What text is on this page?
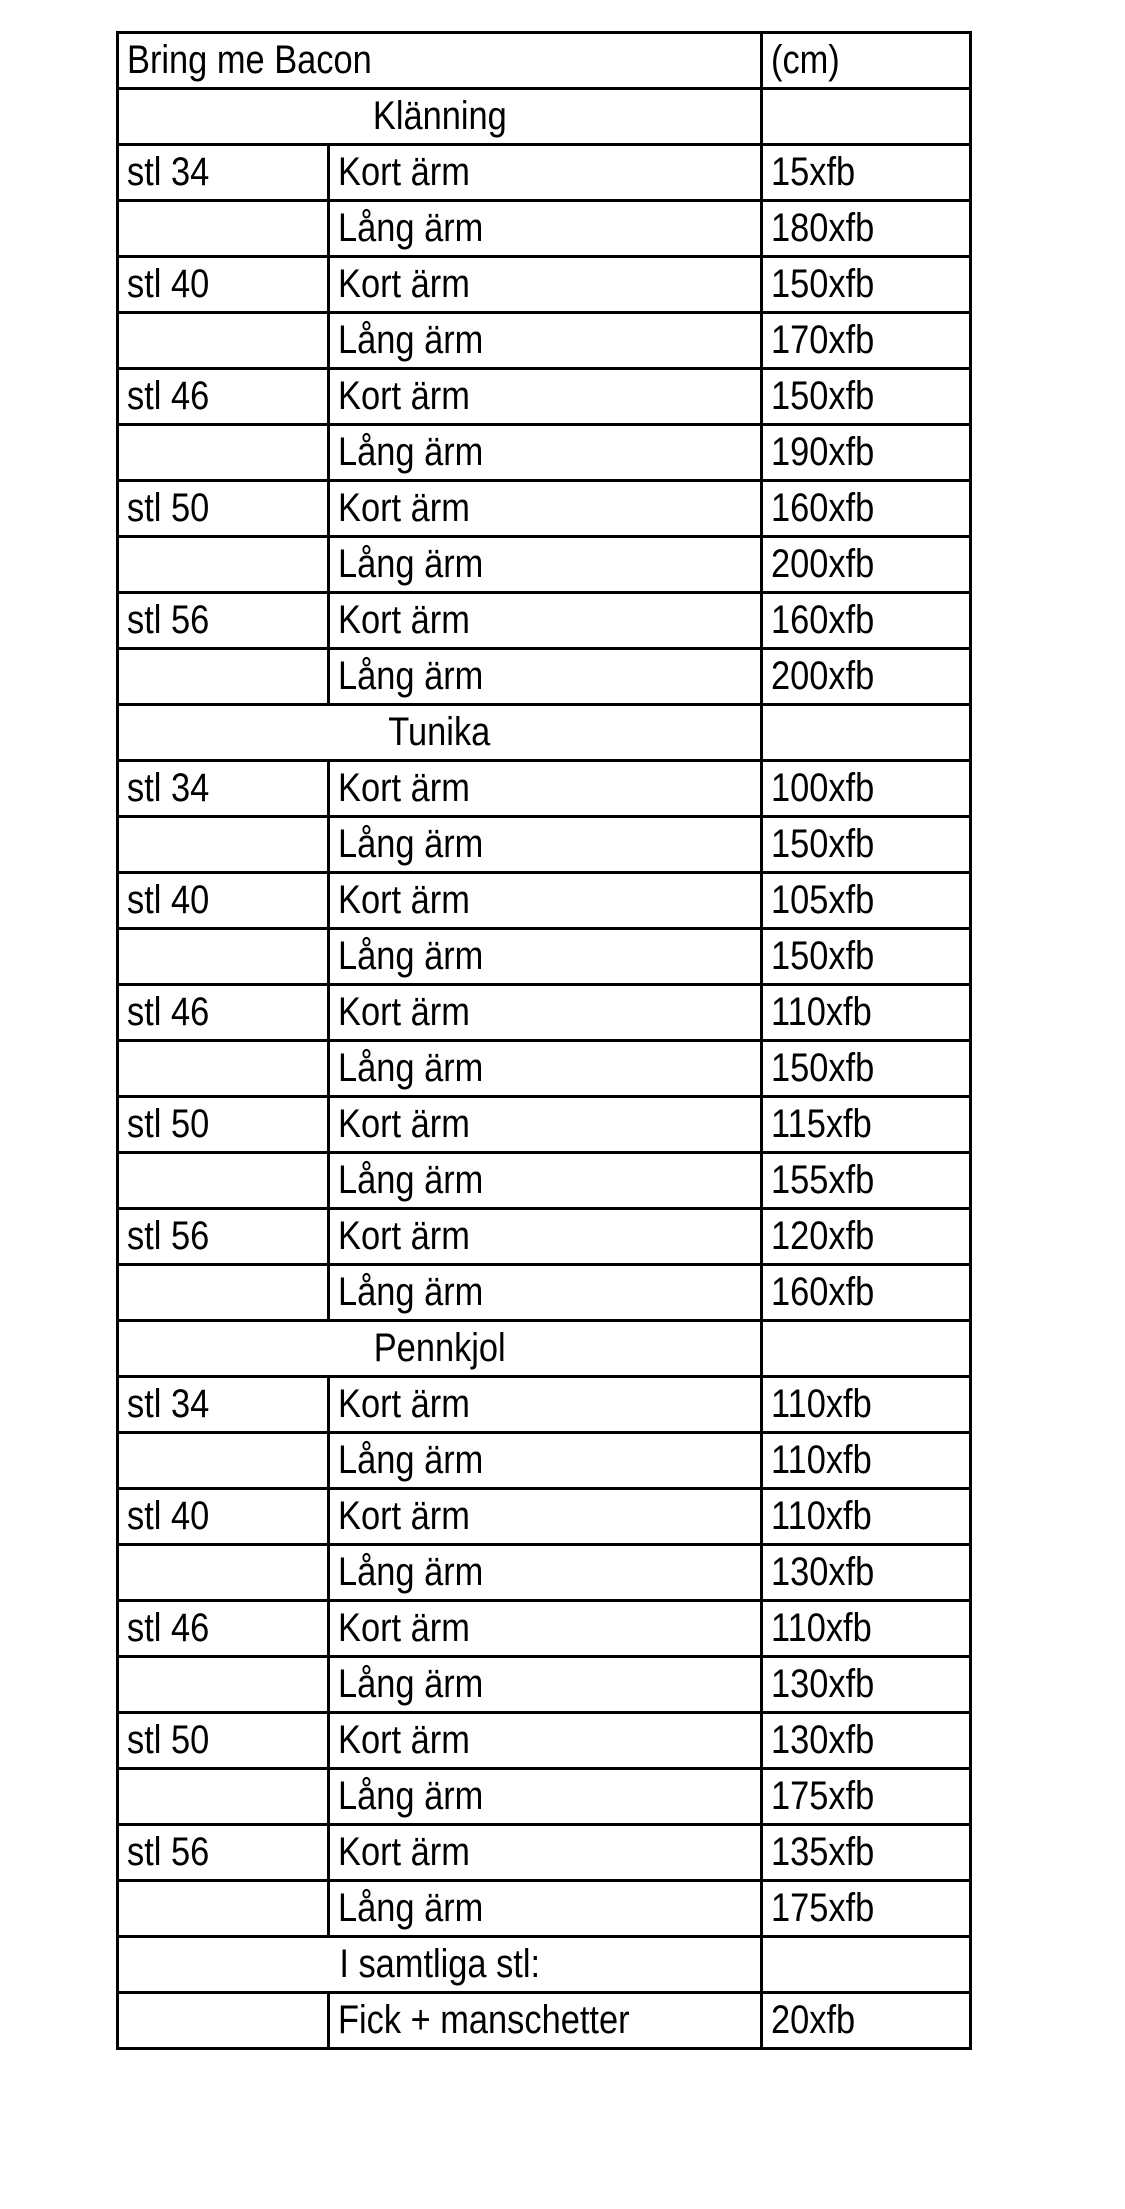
Bring me Bacon		(cm)
Klänning		
stl 34	Kort ärm	15xfb
	Lång ärm	180xfb
stl 40	Kort ärm	150xfb
	Lång ärm	170xfb
stl 46	Kort ärm	150xfb
	Lång ärm	190xfb
stl 50	Kort ärm	160xfb
	Lång ärm	200xfb
stl 56	Kort ärm	160xfb
	Lång ärm	200xfb
Tunika		
stl 34	Kort ärm	100xfb
	Lång ärm	150xfb
stl 40	Kort ärm	105xfb
	Lång ärm	150xfb
stl 46	Kort ärm	110xfb
	Lång ärm	150xfb
stl 50	Kort ärm	115xfb
	Lång ärm	155xfb
stl 56	Kort ärm	120xfb
	Lång ärm	160xfb
Pennkjol		
stl 34	Kort ärm	110xfb
	Lång ärm	110xfb
stl 40	Kort ärm	110xfb
	Lång ärm	130xfb
stl 46	Kort ärm	110xfb
	Lång ärm	130xfb
stl 50	Kort ärm	130xfb
	Lång ärm	175xfb
stl 56	Kort ärm	135xfb
	Lång ärm	175xfb
I samtliga stl:		
	Fick + manschetter	20xfb
